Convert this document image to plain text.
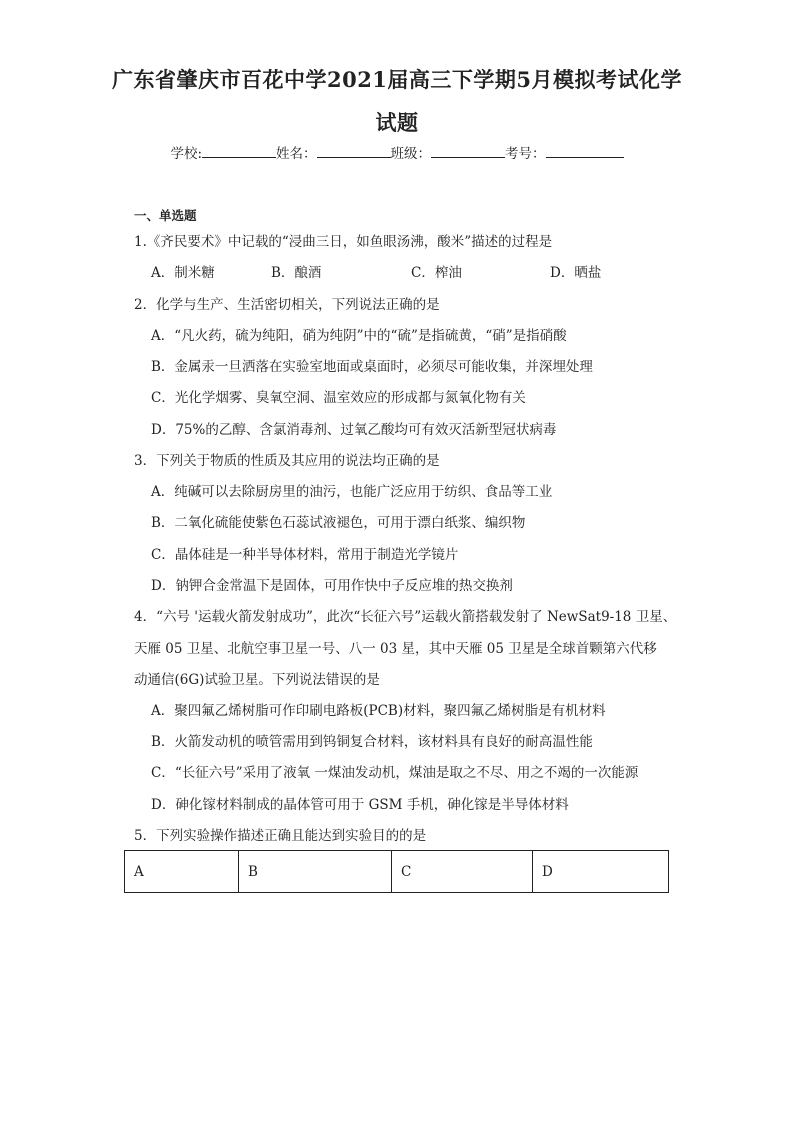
广东省肇庆市百花中学2021届高三下学期5月模拟考试化学
试题
学校:	姓名：	班级：	考号：
一、单选题
1.《齐民要术》中记载的“浸曲三日，如鱼眼汤沸，酸米”描述的过程是
A．制米糖	B．酿酒	C．榨油	D．晒盐
2．化学与生产、生活密切相关，下列说法正确的是
A．“凡火药，硫为纯阳，硝为纯阴”中的“硫”是指硫黄，“硝”是指硝酸
B．金属汞一旦洒落在实验室地面或桌面时，必须尽可能收集，并深埋处理
C．光化学烟雾、臭氧空洞、温室效应的形成都与氮氧化物有关
D．75%的乙醇、含氯消毒剂、过氧乙酸均可有效灭活新型冠状病毒
3．下列关于物质的性质及其应用的说法均正确的是
A．纯碱可以去除厨房里的油污，也能广泛应用于纺织、食品等工业
B．二氧化硫能使紫色石蕊试液褪色，可用于漂白纸浆、编织物
C．晶体硅是一种半导体材料，常用于制造光学镜片
D．钠钾合金常温下是固体，可用作快中子反应堆的热交换剂
4．“六号 '运载火箭发射成功”，此次“长征六号”运载火箭搭载发射了 NewSat9-18 卫星、
天雁 05 卫星、北航空事卫星一号、八一 03 星，其中天雁 05 卫星是全球首颗第六代移
动通信(6G)试验卫星。下列说法错误的是
A．聚四氟乙烯树脂可作印刷电路板(PCB)材料，聚四氟乙烯树脂是有机材料
B．火箭发动机的喷管需用到钨铜复合材料，该材料具有良好的耐高温性能
C．“长征六号”采用了液氧 一煤油发动机，煤油是取之不尽、用之不竭的一次能源
D．砷化镓材料制成的晶体管可用于 GSM 手机，砷化镓是半导体材料
5．下列实验操作描述正确且能达到实验目的的是
A	B	C	D
